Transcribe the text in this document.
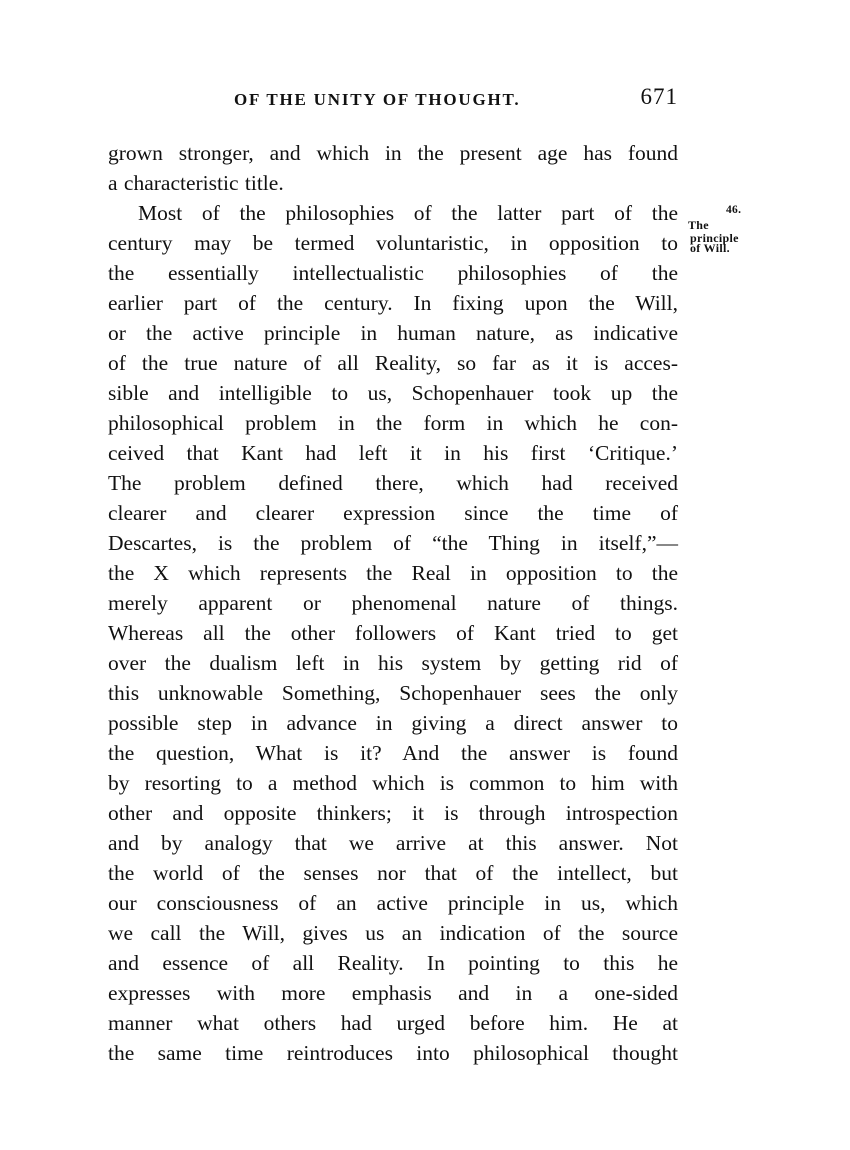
OF THE UNITY OF THOUGHT.	671
46.
The
principle
of Will.
grown stronger, and which in the present age has found
a characteristic title.
Most of the philosophies of the latter part of the
century may be termed voluntaristic, in opposition to
the essentially intellectualistic philosophies of the
earlier part of the century. In fixing upon the Will,
or the active principle in human nature, as indicative
of the true nature of all Reality, so far as it is acces-
sible and intelligible to us, Schopenhauer took up the
philosophical problem in the form in which he con-
ceived that Kant had left it in his first ‘Critique.’
The problem defined there, which had received
clearer and clearer expression since the time of
Descartes, is the problem of “the Thing in itself,”—
the X which represents the Real in opposition to the
merely apparent or phenomenal nature of things.
Whereas all the other followers of Kant tried to get
over the dualism left in his system by getting rid of
this unknowable Something, Schopenhauer sees the only
possible step in advance in giving a direct answer to
the question, What is it? And the answer is found
by resorting to a method which is common to him with
other and opposite thinkers; it is through introspection
and by analogy that we arrive at this answer. Not
the world of the senses nor that of the intellect, but
our consciousness of an active principle in us, which
we call the Will, gives us an indication of the source
and essence of all Reality. In pointing to this he
expresses with more emphasis and in a one-sided
manner what others had urged before him. He at
the same time reintroduces into philosophical thought
